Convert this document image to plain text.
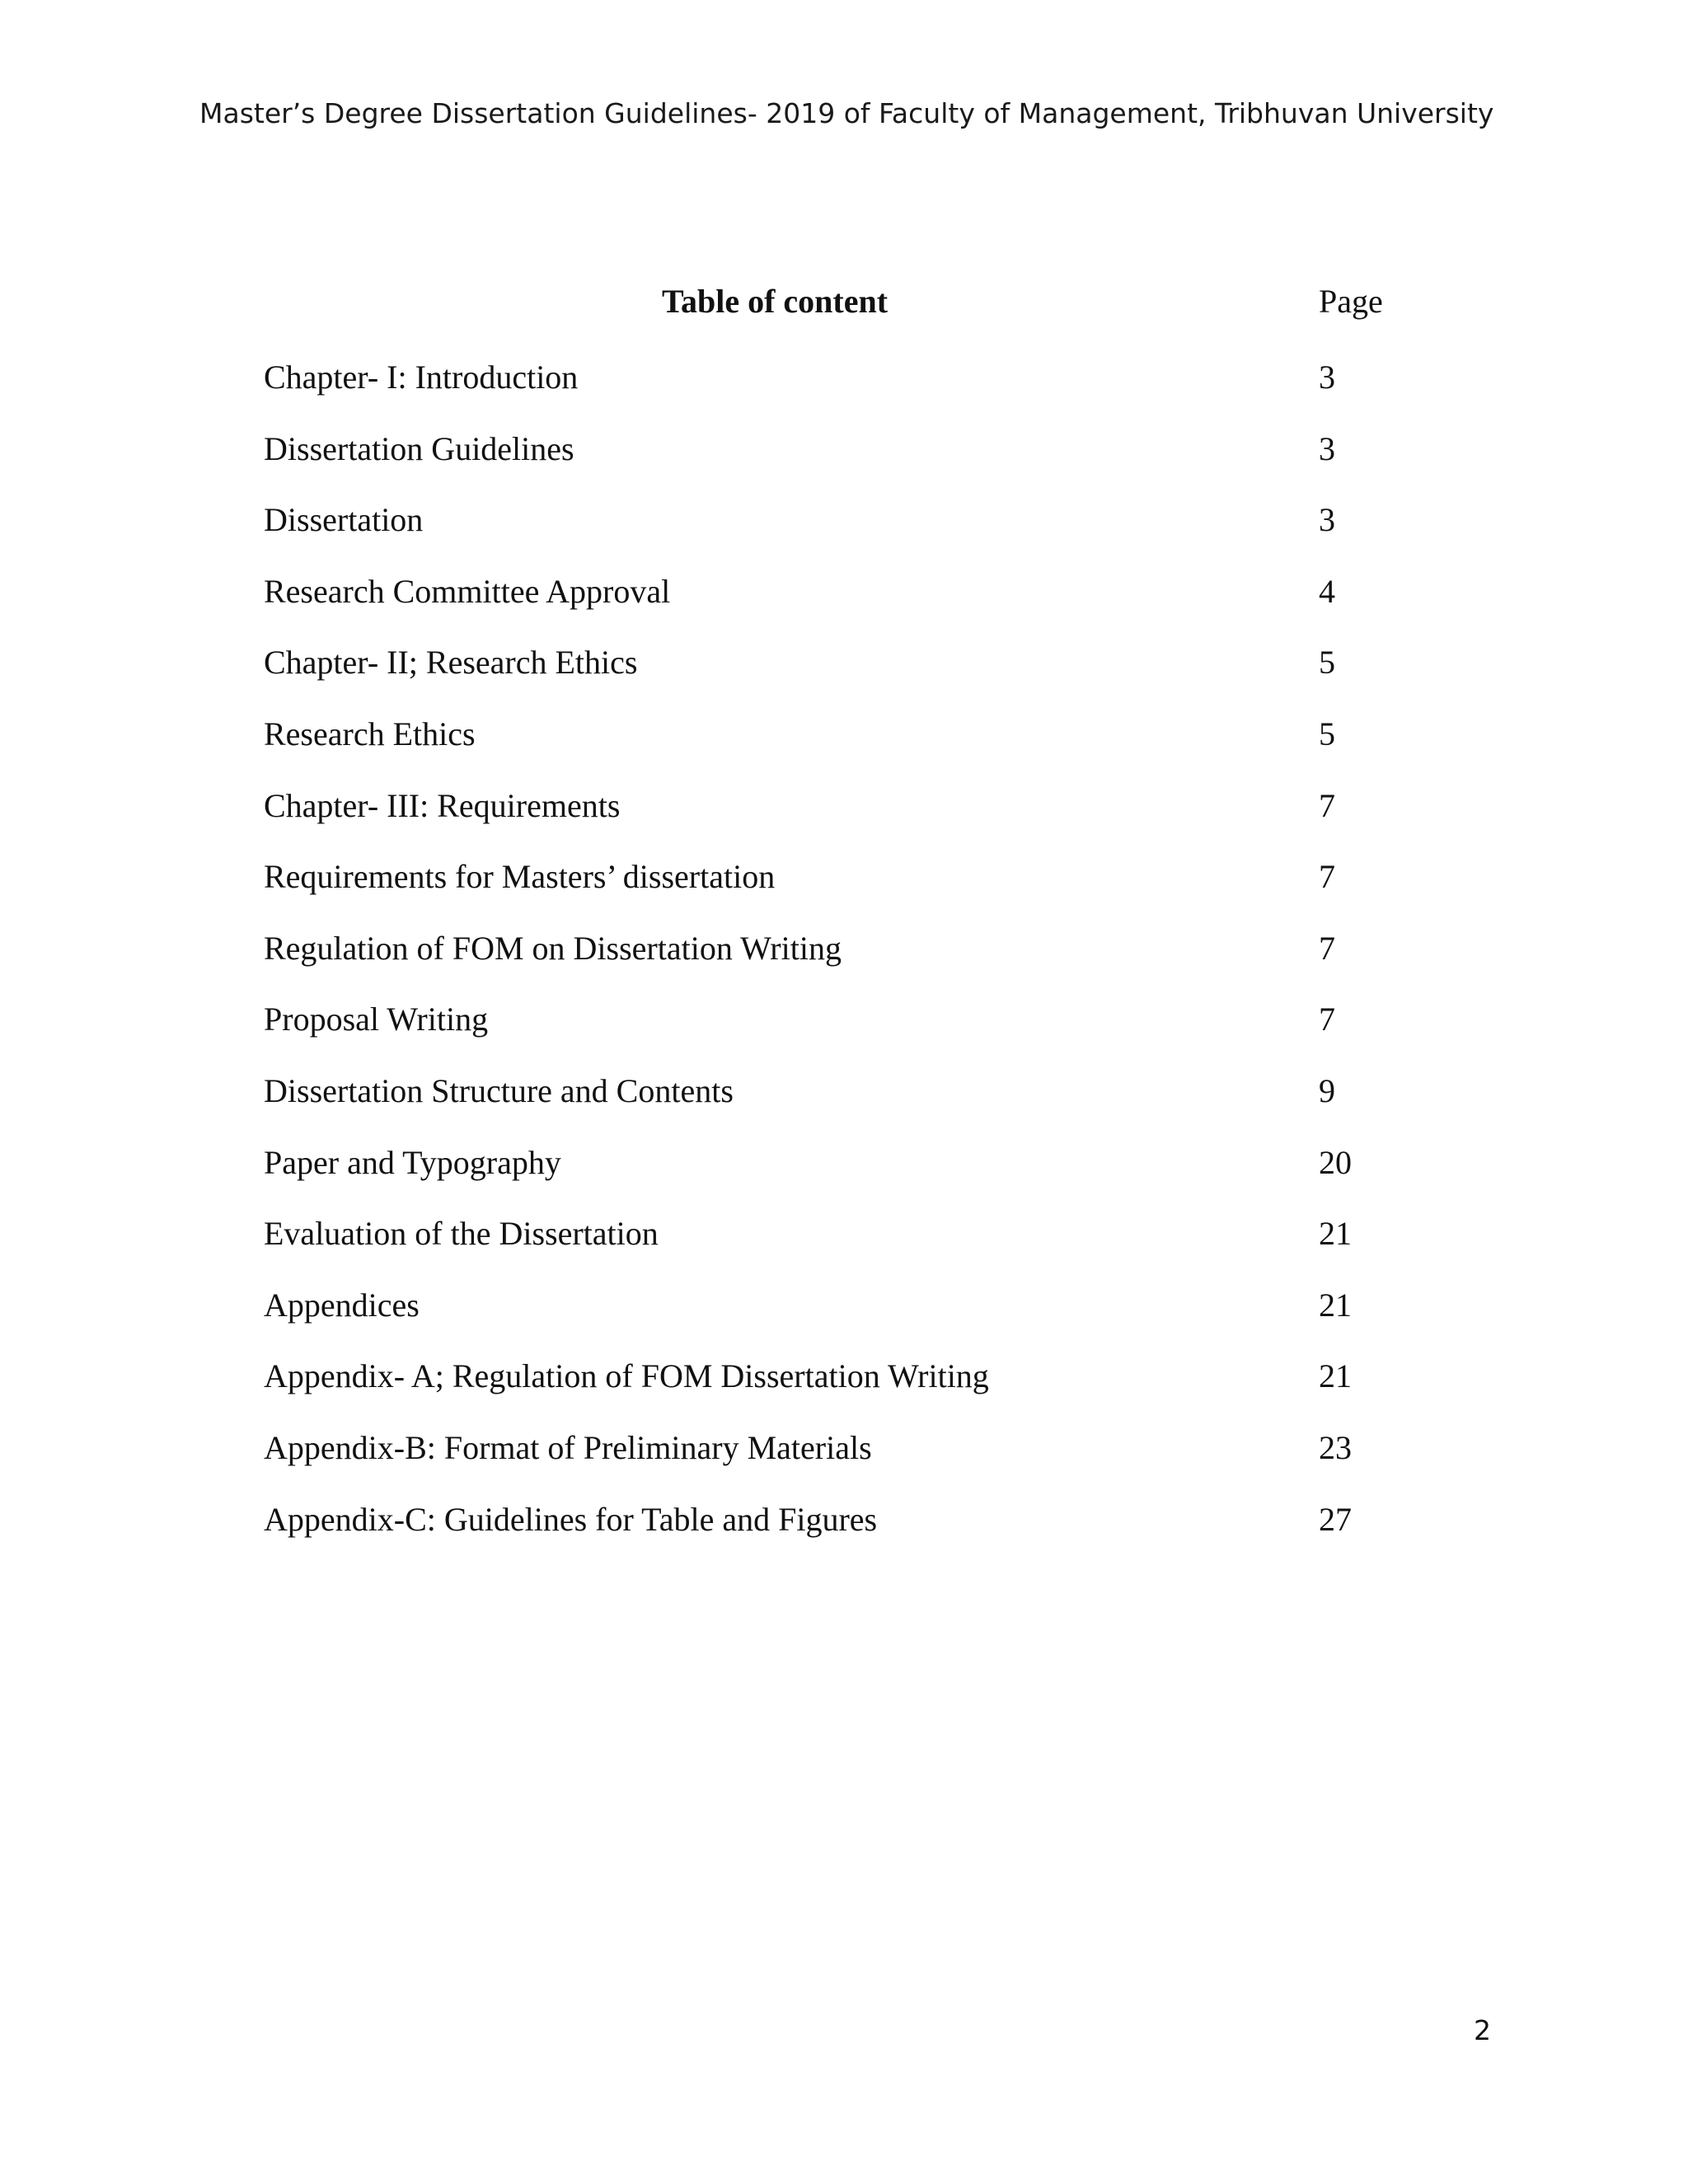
Master’s Degree Dissertation Guidelines- 2019 of Faculty of Management, Tribhuvan University
Table of content	Page
Chapter- I: Introduction	3
Dissertation Guidelines	3
Dissertation	3
Research Committee Approval	4
Chapter- II; Research Ethics	5
Research Ethics	5
Chapter- III: Requirements	7
Requirements for Masters’ dissertation	7
Regulation of FOM on Dissertation Writing	7
Proposal Writing	7
Dissertation Structure and Contents	9
Paper and Typography	20
Evaluation of the Dissertation	21
Appendices	21
Appendix- A; Regulation of FOM Dissertation Writing	21
Appendix-B: Format of Preliminary Materials	23
Appendix-C: Guidelines for Table and Figures	27
2
